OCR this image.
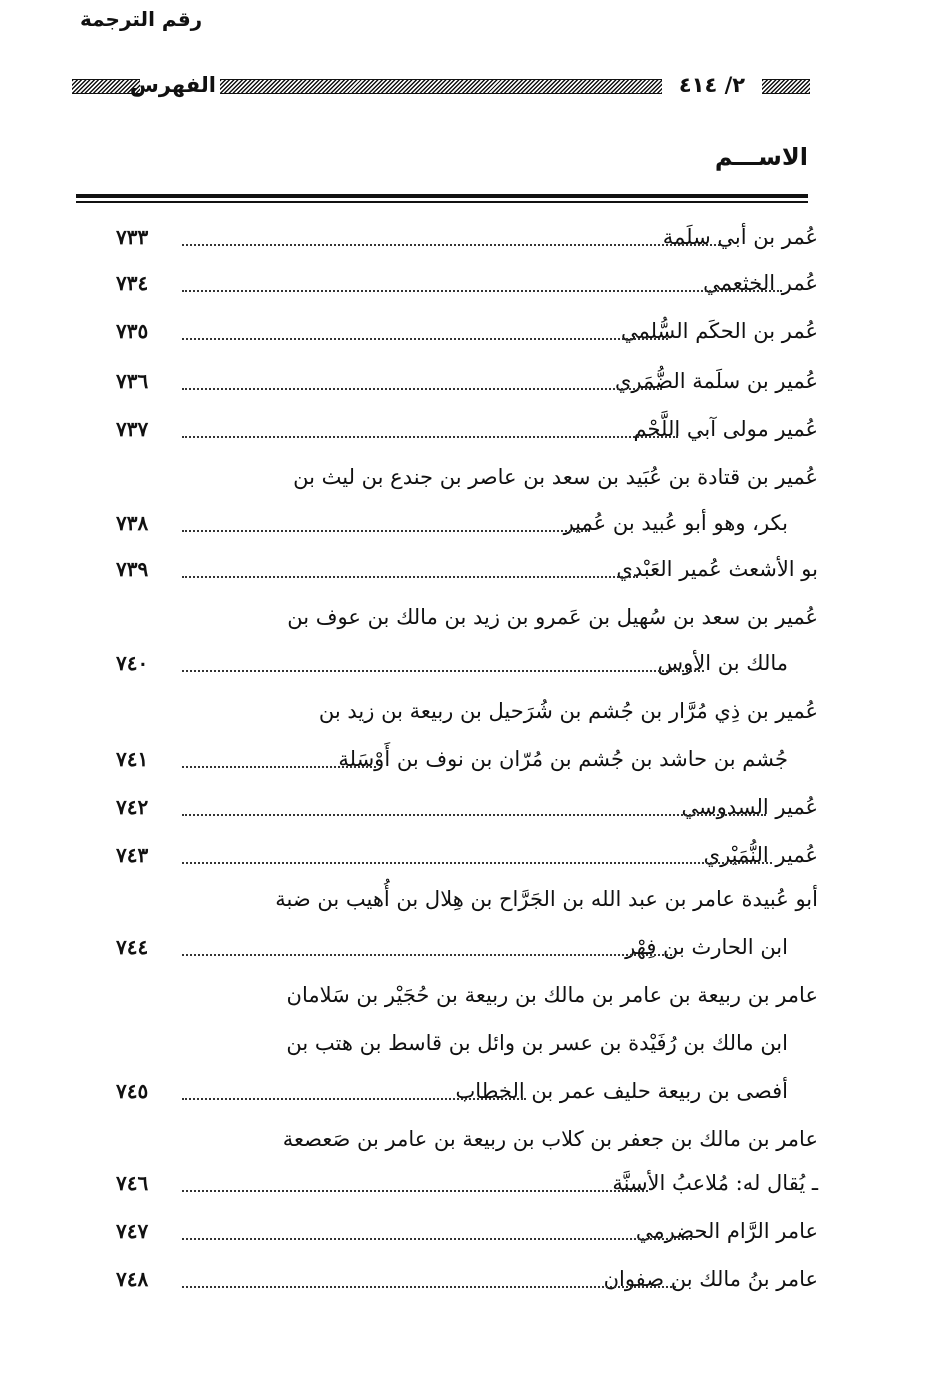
الفهرس	٢/ ٤١٤
الاســـم
رقم الترجمة
عُمر بن أبي سلَمة
٧٣٣
عُمر الخثعمي
٧٣٤
عُمر بن الحكَم السُّلمي
٧٣٥
عُمير بن سلَمة الضُّمَري
٧٣٦
عُمير مولى آبي اللَّحْم
٧٣٧
عُمير بن قتادة بن عُبَيد بن سعد بن عاصر بن جندع بن ليث بن
بكر، وهو أبو عُبيد بن عُمير
٧٣٨
بو الأشعث عُمير العَبْدي
٧٣٩
عُمير بن سعد بن سُهيل بن عَمرو بن زيد بن مالك بن عوف بن
مالك بن الأوس
٧٤٠
عُمير بن ذِي مُرَّار بن جُشم بن شُرَحيل بن ربيعة بن زيد بن
جُشم بن حاشد بن جُشم بن مُرّان بن نوف بن أَوْسَلة
٧٤١
عُمير السدوسي
٧٤٢
عُمير النُّمَيْري
٧٤٣
أبو عُبيدة عامر بن عبد الله بن الجَرَّاح بن هِلال بن أُهيب بن ضبة
ابن الحارث بن فِهْر
٧٤٤
عامر بن ربيعة بن عامر بن مالك بن ربيعة بن حُجَيْر بن سَلامان
ابن مالك بن رُفَيْدة بن عسر بن وائل بن قاسط بن هتب بن
أفصى بن ربيعة حليف عمر بن الخطاب
٧٤٥
عامر بن مالك بن جعفر بن كلاب بن ربيعة بن عامر بن صَعصعة
ـ يُقال له: مُلاعبُ الأسنَّة
٧٤٦
عامر الرَّام الحضرمي
٧٤٧
عامر بنُ مالك بن صفوان
٧٤٨
